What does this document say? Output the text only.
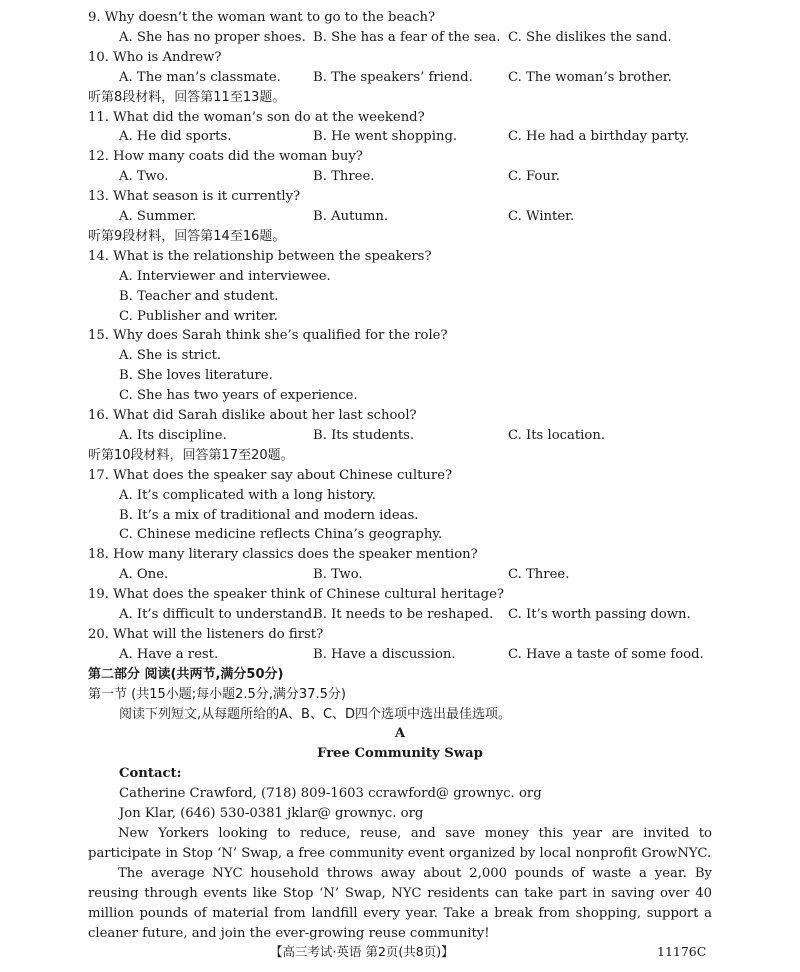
9. Why doesn’t the woman want to go to the beach?
A. She has no proper shoes. B. She has a fear of the sea. C. She dislikes the sand.
10. Who is Andrew?
A. The man’s classmate. B. The speakers’ friend.	C. The woman’s brother.
听第8段材料，回答第11至13题。
11. What did the woman’s son do at the weekend?
A. He did sports.	B. He went shopping.	C. He had a birthday party.
12. How many coats did the woman buy?
A. Two.	B. Three.	C. Four.
13. What season is it currently?
A. Summer.	B. Autumn.	C. Winter.
听第9段材料，回答第14至16题。
14. What is the relationship between the speakers?
A. Interviewer and interviewee.
B. Teacher and student.
C. Publisher and writer.
15. Why does Sarah think she’s qualified for the role?
A. She is strict.
B. She loves literature.
C. She has two years of experience.
16. What did Sarah dislike about her last school?
A. Its discipline.	B. Its students.	C. Its location.
听第10段材料，回答第17至20题。
17. What does the speaker say about Chinese culture?
A. It’s complicated with a long history.
B. It’s a mix of traditional and modern ideas.
C. Chinese medicine reflects China’s geography.
18. How many literary classics does the speaker mention?
A. One.	B. Two.	C. Three.
19. What does the speaker think of Chinese cultural heritage?
A. It’s difficult to understand.
B. It needs to be reshaped. C. It’s worth passing down.
20. What will the listeners do first?
A. Have a rest.	B. Have a discussion.	C. Have a taste of some food.
第二部分 阅读(共两节,满分50分)
第一节 (共15小题;每小题2.5分,满分37.5分)
阅读下列短文,从每题所给的A、B、C、D四个选项中选出最佳选项。
A
Free Community Swap
Contact:
Catherine Crawford, (718) 809-1603 ccrawford@ grownyc. org
Jon Klar, (646) 530-0381 jklar@ grownyc. org

New Yorkers looking to reduce, reuse, and save money this year are invited to participate in Stop ‘N’ Swap, a free community event organized by local nonprofit GrowNYC.

The average NYC household throws away about 2,000 pounds of waste a year. By reusing through events like Stop ‘N’ Swap, NYC residents can take part in saving over 40 million pounds of material from landfill every year. Take a break from shopping, support a cleaner future, and join the ever-growing reuse community!

【高三考试·英语 第2页(共8页)】	11176C
